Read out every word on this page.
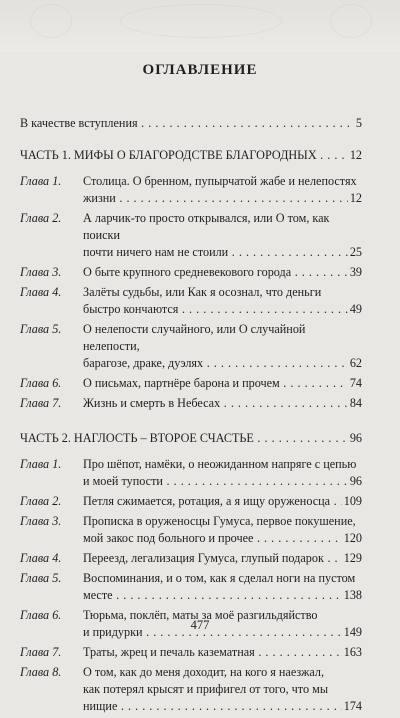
ОГЛАВЛЕНИЕ
В качестве вступления . . .	5
ЧАСТЬ 1. МИФЫ О БЛАГОРОДСТВЕ БЛАГОРОДНЫХ . . .	12
Глава 1.	Столица. О бренном, пупырчатой жабе и нелепостях
жизни . . .	12
Глава 2.	А ларчик-то просто открывался, или О том, как поиски
почти ничего нам не стоили . . .	25
Глава 3.	О быте крупного средневекового города . . .	39
Глава 4.	Залёты судьбы, или Как я осознал, что деньги
быстро кончаются . . .	49
Глава 5.	О нелепости случайного, или О случайной нелепости,
барагозе, драке, дуэлях . . .	62
Глава 6.	О письмах, партнёре барона и прочем . . .	74
Глава 7.	Жизнь и смерть в Небесах . . .	84
ЧАСТЬ 2. НАГЛОСТЬ – ВТОРОЕ СЧАСТЬЕ . . .	96
Глава 1.	Про шёпот, намёки, о неожиданном напряге с цепью
и моей тупости . . .	96
Глава 2.	Петля сжимается, ротация, а я ищу оруженосца . . .	109
Глава 3.	Прописка в оруженосцы Гумуса, первое покушение,
мой закос под больного и прочее . . .	120
Глава 4.	Переезд, легализация Гумуса, глупый подарок . . .	129
Глава 5.	Воспоминания, и о том, как я сделал ноги на пустом
месте . . .	138
Глава 6.	Тюрьма, поклёп, маты за моё разгильдяйство
и придурки . . .	149
Глава 7.	Траты, жрец и печаль казематная . . .	163
Глава 8.	О том, как до меня доходит, на кого я наезжал,
как потерял крысят и прифигел от того, что мы
нищие . . .	174
477
